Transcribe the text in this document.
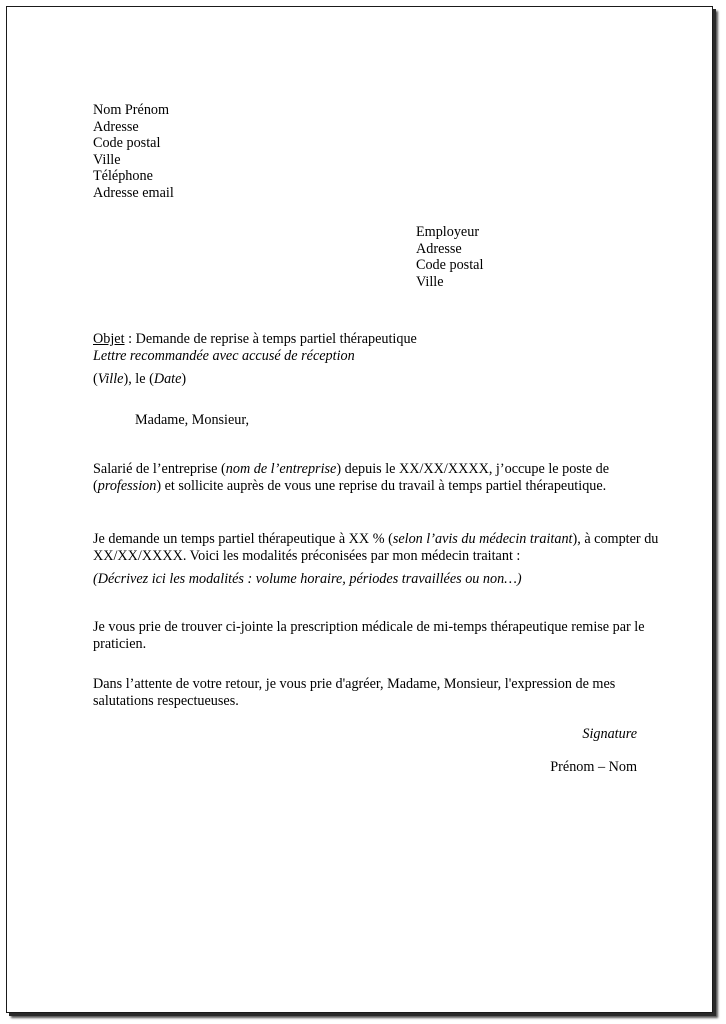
Nom Prénom
Adresse
Code postal
Ville
Téléphone
Adresse email
Employeur
Adresse
Code postal
Ville
Objet : Demande de reprise à temps partiel thérapeutique
Lettre recommandée avec accusé de réception
(Ville), le (Date)
Madame, Monsieur,
Salarié de l’entreprise (nom de l’entreprise) depuis le XX/XX/XXXX, j’occupe le poste de
(profession) et sollicite auprès de vous une reprise du travail à temps partiel thérapeutique.
Je demande un temps partiel thérapeutique à XX % (selon l’avis du médecin traitant), à compter du
XX/XX/XXXX. Voici les modalités préconisées par mon médecin traitant :
(Décrivez ici les modalités : volume horaire, périodes travaillées ou non…)
Je vous prie de trouver ci-jointe la prescription médicale de mi-temps thérapeutique remise par le
praticien.
Dans l’attente de votre retour, je vous prie d'agréer, Madame, Monsieur, l'expression de mes
salutations respectueuses.
Signature
Prénom – Nom
